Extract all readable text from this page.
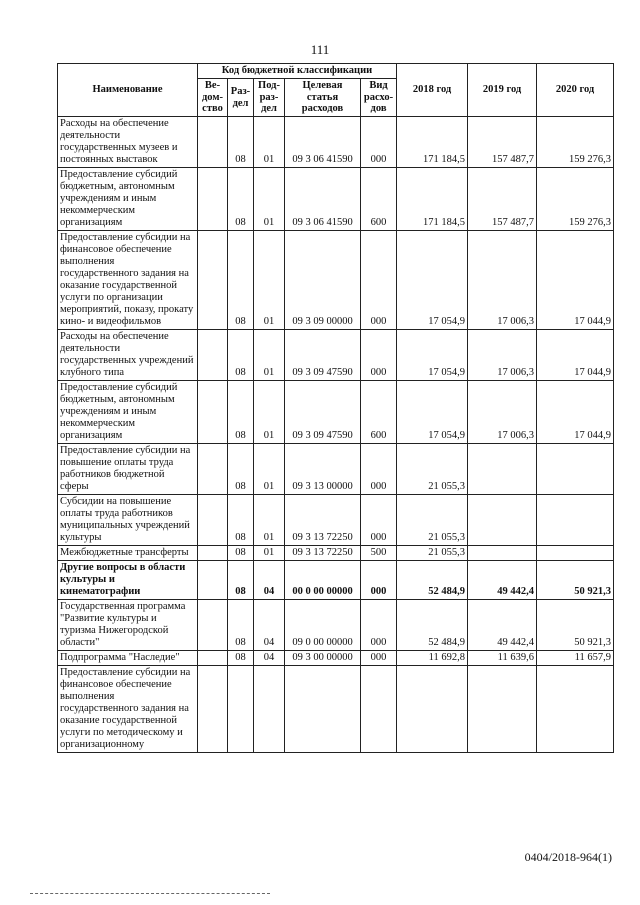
111
Наименование	Код бюджетной классификации					2018 год	2019 год	2020 год
	Ве- дом- ство	Раз- дел	Под- раз- дел	Целевая статья расходов	Вид расхо- дов			
Расходы на обеспечение деятельности государственных музеев и постоянных выставок		08	01	09 3 06 41590	000	171 184,5	157 487,7	159 276,3
Предоставление субсидий бюджетным, автономным учреждениям и иным некоммерческим организациям		08	01	09 3 06 41590	600	171 184,5	157 487,7	159 276,3
Предоставление субсидии на финансовое обеспечение выполнения государственного задания на оказание государственной услуги по организации мероприятий, показу, прокату кино- и видеофильмов		08	01	09 3 09 00000	000	17 054,9	17 006,3	17 044,9
Расходы на обеспечение деятельности государственных учреждений клубного типа		08	01	09 3 09 47590	000	17 054,9	17 006,3	17 044,9
Предоставление субсидий бюджетным, автономным учреждениям и иным некоммерческим организациям		08	01	09 3 09 47590	600	17 054,9	17 006,3	17 044,9
Предоставление субсидии на повышение оплаты труда работников бюджетной сферы		08	01	09 3 13 00000	000	21 055,3		
Субсидии на повышение оплаты труда работников муниципальных учреждений культуры		08	01	09 3 13 72250	000	21 055,3		
Межбюджетные трансферты		08	01	09 3 13 72250	500	21 055,3		
Другие вопросы в области культуры и кинематографии		08	04	00 0 00 00000	000	52 484,9	49 442,4	50 921,3
Государственная программа "Развитие культуры и туризма Нижегородской области"		08	04	09 0 00 00000	000	52 484,9	49 442,4	50 921,3
Подпрограмма "Наследие"		08	04	09 3 00 00000	000	11 692,8	11 639,6	11 657,9
Предоставление субсидии на финансовое обеспечение выполнения государственного задания на оказание государственной услуги по методическому и организационному								
0404/2018-964(1)
